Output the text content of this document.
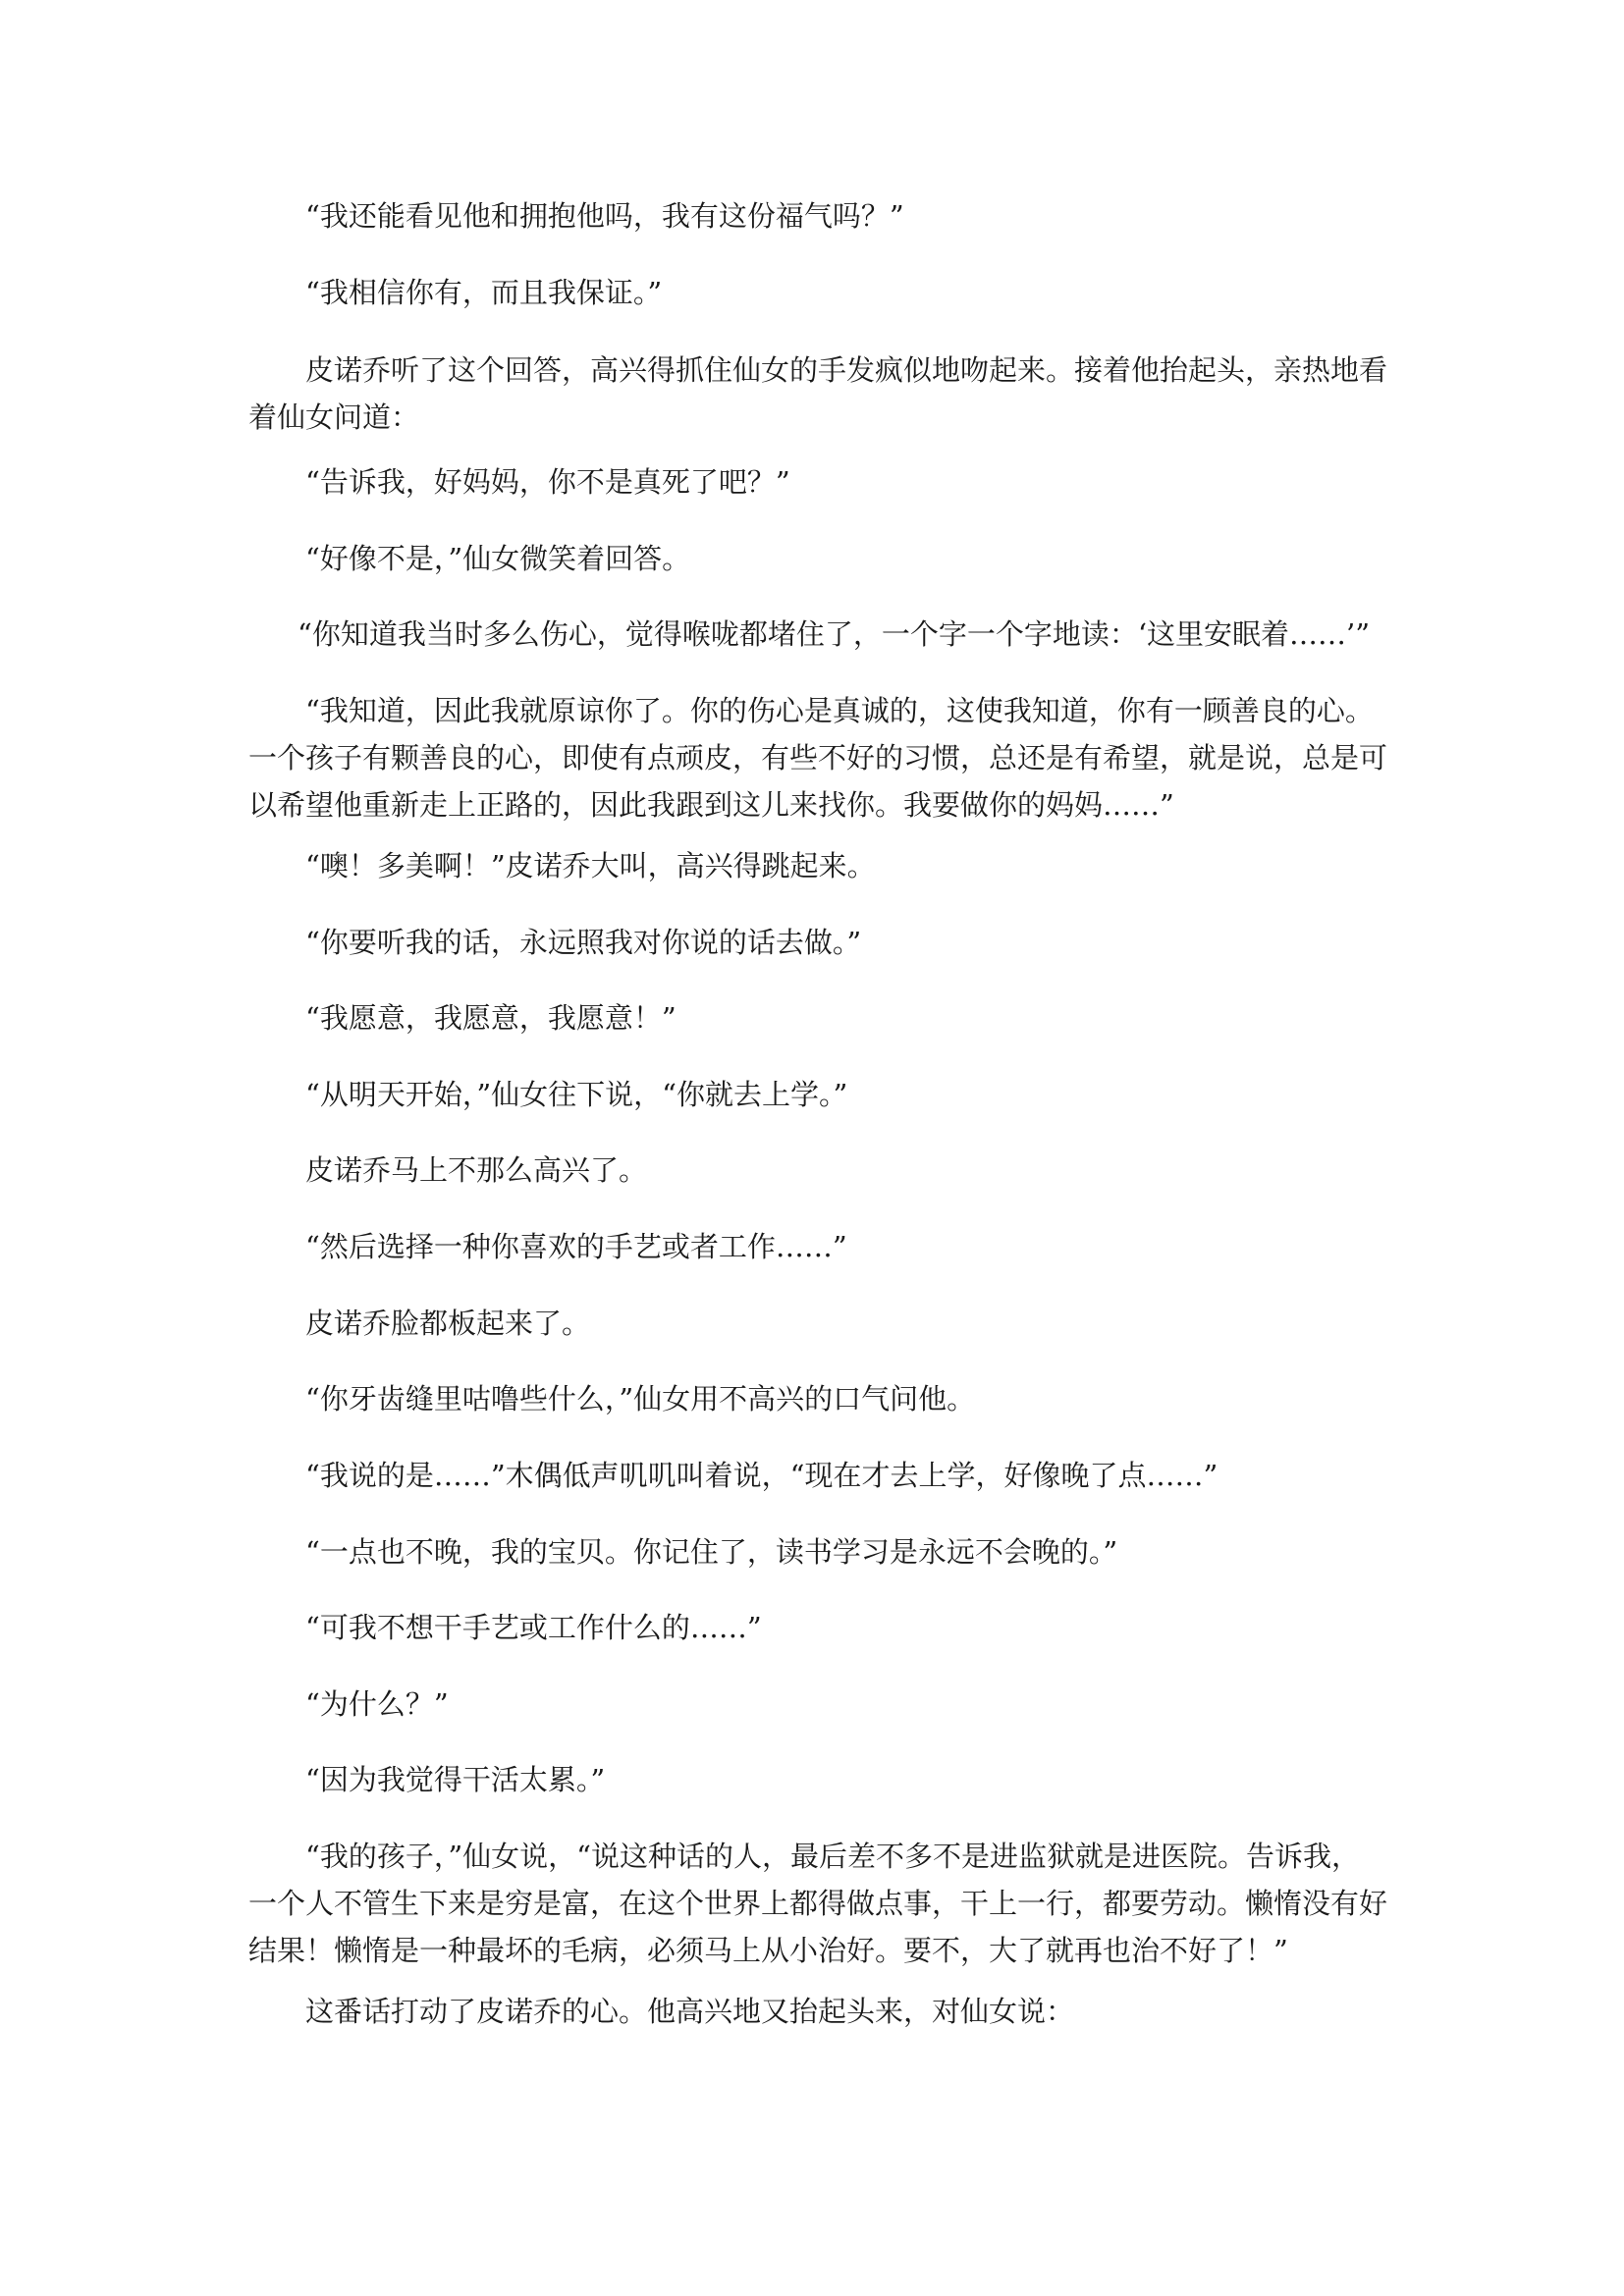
“我还能看见他和拥抱他吗，我有这份福气吗？”

“我相信你有，而且我保证。”

皮诺乔听了这个回答，高兴得抓住仙女的手发疯似地吻起来。接着他抬起头，亲热地看着仙女问道：

“告诉我，好妈妈，你不是真死了吧？”

“好像不是，”仙女微笑着回答。

“你知道我当时多么伤心，觉得喉咙都堵住了，一个字一个字地读：‘这里安眠着……’”

“我知道，因此我就原谅你了。你的伤心是真诚的，这使我知道，你有一顾善良的心。一个孩子有颗善良的心，即使有点顽皮，有些不好的习惯，总还是有希望，就是说，总是可以希望他重新走上正路的，因此我跟到这儿来找你。我要做你的妈妈……”

“噢！多美啊！”皮诺乔大叫，高兴得跳起来。

“你要听我的话，永远照我对你说的话去做。”

“我愿意，我愿意，我愿意！”

“从明天开始，”仙女往下说，“你就去上学。”

皮诺乔马上不那么高兴了。

“然后选择一种你喜欢的手艺或者工作……”

皮诺乔脸都板起来了。

“你牙齿缝里咕噜些什么，”仙女用不高兴的口气问他。

“我说的是……”木偶低声叽叽叫着说，“现在才去上学，好像晚了点……”

“一点也不晚，我的宝贝。你记住了，读书学习是永远不会晚的。”

“可我不想干手艺或工作什么的……”

“为什么？”

“因为我觉得干活太累。”

“我的孩子，”仙女说，“说这种话的人，最后差不多不是进监狱就是进医院。告诉我，一个人不管生下来是穷是富，在这个世界上都得做点事，干上一行，都要劳动。懒惰没有好结果！懒惰是一种最坏的毛病，必须马上从小治好。要不，大了就再也治不好了！”

这番话打动了皮诺乔的心。他高兴地又抬起头来，对仙女说：
